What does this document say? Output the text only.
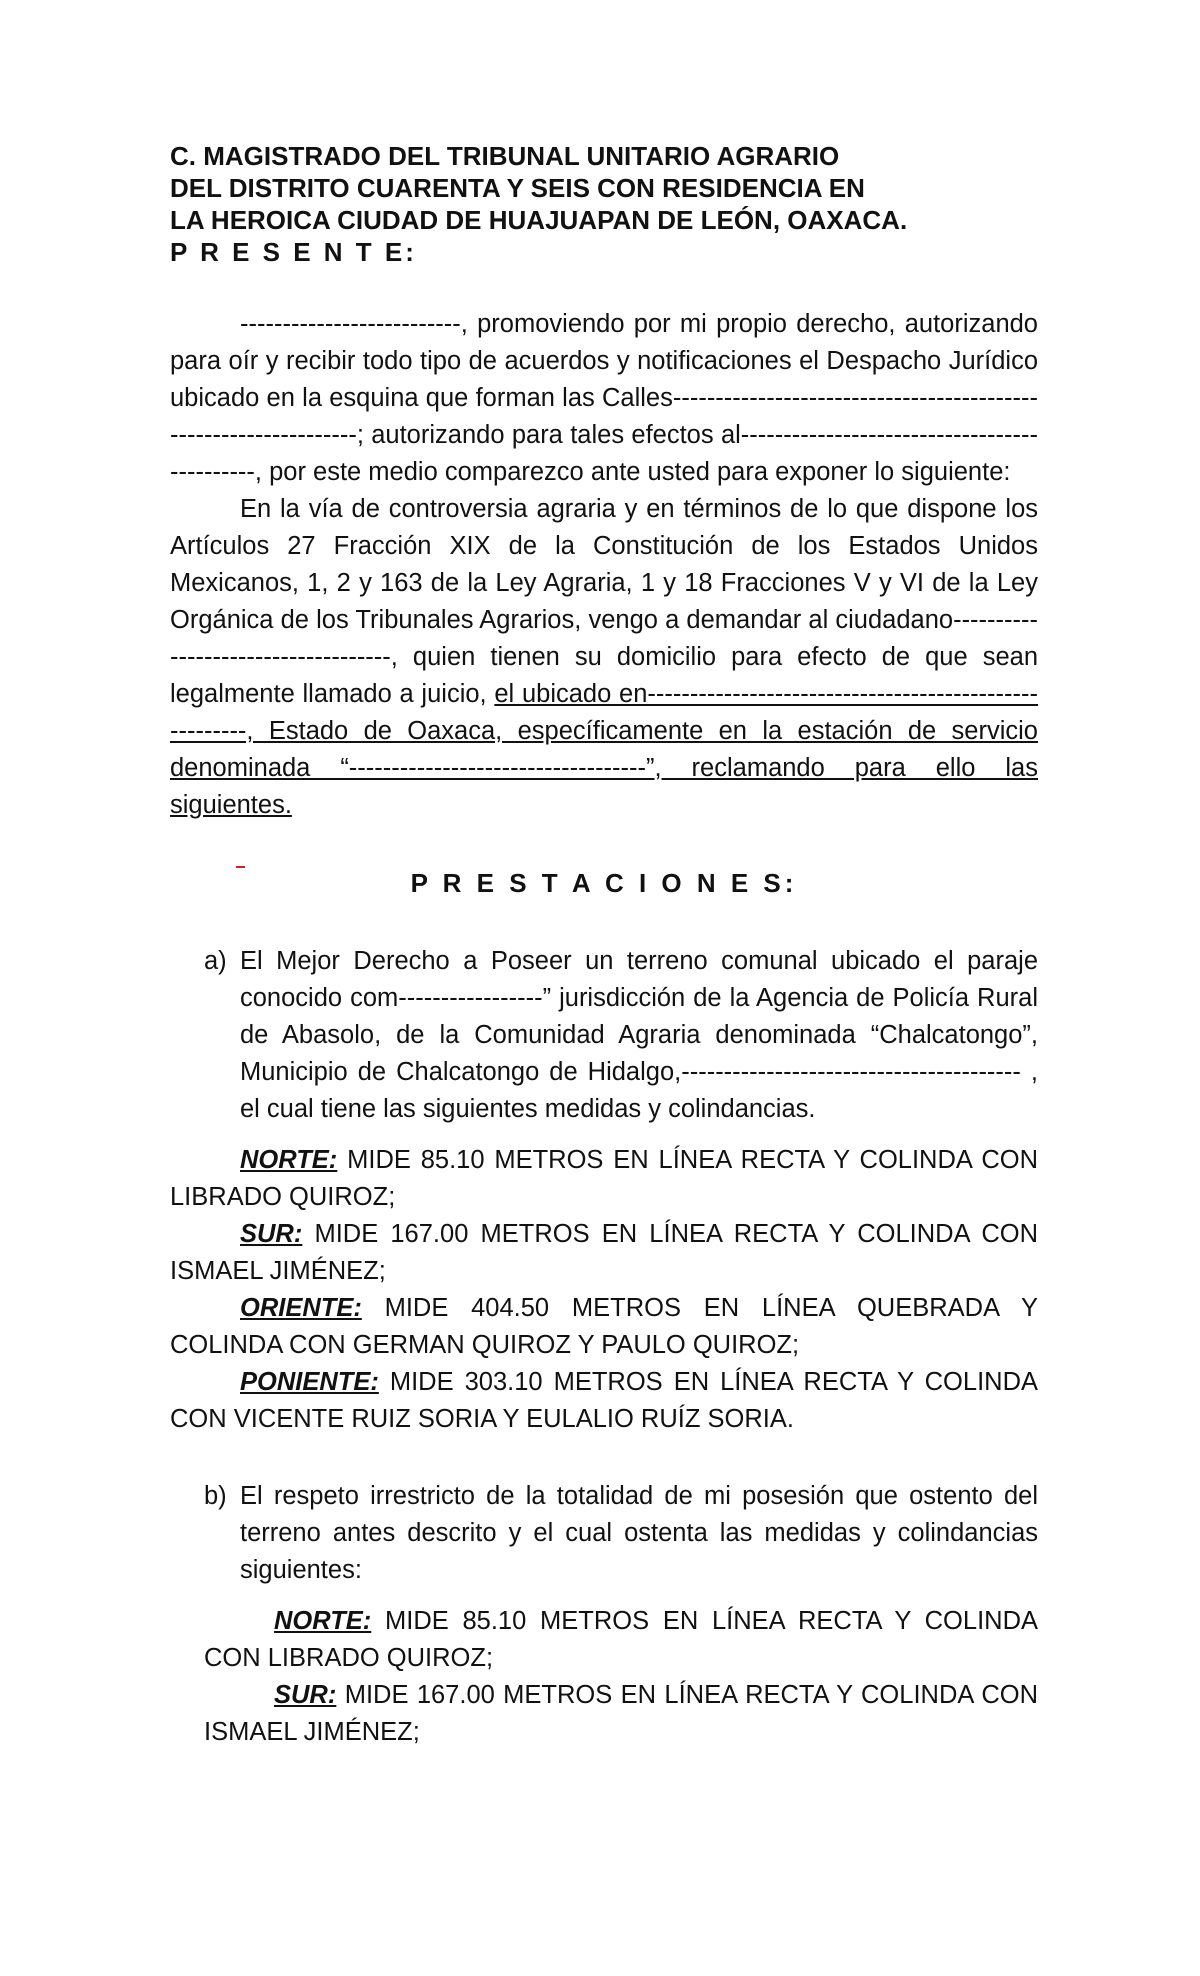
C. MAGISTRADO DEL TRIBUNAL UNITARIO AGRARIO

DEL DISTRITO CUARENTA Y SEIS CON RESIDENCIA EN

LA HEROICA CIUDAD DE HUAJUAPAN DE LEÓN, OAXACA.

P R E S E N T E:

--------------------------, promoviendo por mi propio derecho, autorizando para oír y recibir todo tipo de acuerdos y notificaciones el Despacho Jurídico ubicado en la esquina que forman las Calles-----------------------------------------------------------------; autorizando para tales efectos al---------------------------------------------, por este medio comparezco ante usted para exponer lo siguiente:

En la vía de controversia agraria y en términos de lo que dispone los Artículos 27 Fracción XIX de la Constitución de los Estados Unidos Mexicanos, 1, 2 y 163 de la Ley Agraria, 1 y 18 Fracciones V y VI de la Ley Orgánica de los Tribunales Agrarios, vengo a demandar al ciudadano------------------------------------, quien tienen su domicilio para efecto de que sean legalmente llamado a juicio, el ubicado en-------------------------------------------------------, Estado de Oaxaca, específicamente en la estación de servicio denominada “-----------------------------------”, reclamando para ello las siguientes.

P R E S T A C I O N E S:

a) El Mejor Derecho a Poseer un terreno comunal ubicado el paraje conocido com-----------------” jurisdicción de la Agencia de Policía Rural de Abasolo, de la Comunidad Agraria denominada “Chalcatongo”, Municipio de Chalcatongo de Hidalgo,---------------------------------------- , el cual tiene las siguientes medidas y colindancias.

NORTE: MIDE 85.10 METROS EN LÍNEA RECTA Y COLINDA CON LIBRADO QUIROZ;

SUR: MIDE 167.00 METROS EN LÍNEA RECTA Y COLINDA CON ISMAEL JIMÉNEZ;

ORIENTE: MIDE 404.50 METROS EN LÍNEA QUEBRADA Y COLINDA CON GERMAN QUIROZ Y PAULO QUIROZ;

PONIENTE: MIDE 303.10 METROS EN LÍNEA RECTA Y COLINDA CON VICENTE RUIZ SORIA Y EULALIO RUÍZ SORIA.

b) El respeto irrestricto de la totalidad de mi posesión que ostento del terreno antes descrito y el cual ostenta las medidas y colindancias siguientes:

NORTE: MIDE 85.10 METROS EN LÍNEA RECTA Y COLINDA CON LIBRADO QUIROZ;

SUR: MIDE 167.00 METROS EN LÍNEA RECTA Y COLINDA CON ISMAEL JIMÉNEZ;
